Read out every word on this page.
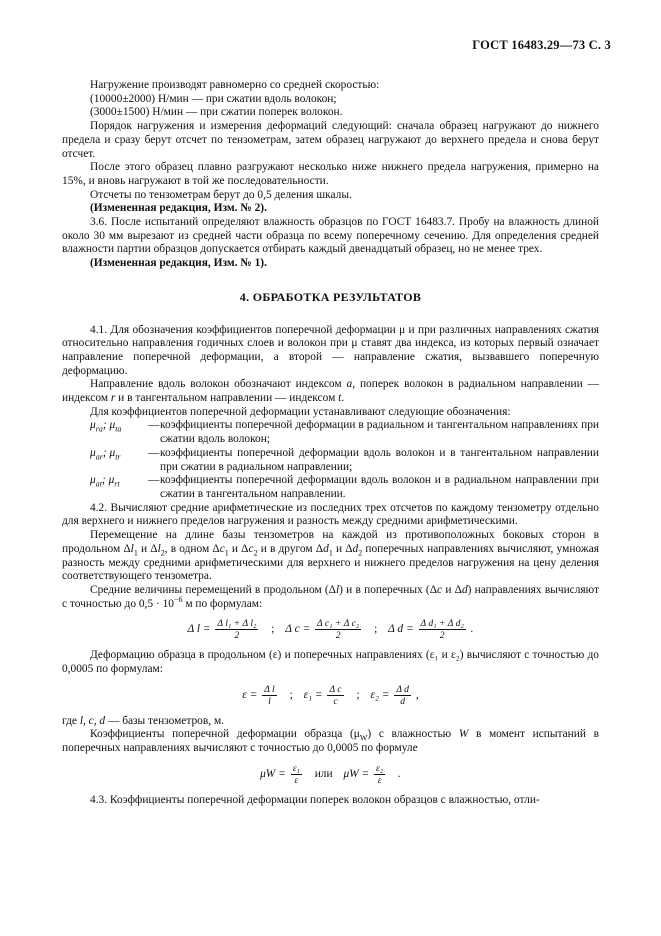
ГОСТ 16483.29—73 С. 3

Нагружение производят равномерно со средней скоростью:

(10000±2000) Н/мин — при сжатии вдоль волокон;

(3000±1500) Н/мин — при сжатии поперек волокон.

Порядок нагружения и измерения деформаций следующий: сначала образец нагружают до нижнего предела и сразу берут отсчет по тензометрам, затем образец нагружают до верхнего предела и снова берут отсчет.

После этого образец плавно разгружают несколько ниже нижнего предела нагружения, примерно на 15%, и вновь нагружают в той же последовательности.

Отсчеты по тензометрам берут до 0,5 деления шкалы.

(Измененная редакция, Изм. № 2).

3.6. После испытаний определяют влажность образцов по ГОСТ 16483.7. Пробу на влажность длиной около 30 мм вырезают из средней части образца по всему поперечному сечению. Для определения средней влажности партии образцов допускается отбирать каждый двенадцатый образец, но не менее трех.

(Измененная редакция, Изм. № 1).

4. ОБРАБОТКА РЕЗУЛЬТАТОВ

4.1. Для обозначения коэффициентов поперечной деформации μ и при различных направлениях сжатия относительно направления годичных слоев и волокон при μ ставят два индекса, из которых первый означает направление поперечной деформации, а второй — направление сжатия, вызвавшего поперечную деформацию.

Направление вдоль волокон обозначают индексом a, поперек волокон в радиальном направлении — индексом r и в тангентальном направлении — индексом t.

Для коэффициентов поперечной деформации устанавливают следующие обозначения:

$\mu_{ra}$; $\mu_{ta}$	— коэффициенты поперечной деформации в радиальном и тангентальном направлениях при сжатии вдоль волокон;
$\mu_{ar}$; $\mu_{tr}$	— коэффициенты поперечной деформации вдоль волокон и в тангентальном направлении при сжатии в радиальном направлении;
$\mu_{at}$; $\mu_{rt}$	— коэффициенты поперечной деформации вдоль волокон и в радиальном направлении при сжатии в тангентальном направлении.

4.2. Вычисляют средние арифметические из последних трех отсчетов по каждому тензометру отдельно для верхнего и нижнего пределов нагружения и разность между средними арифметическими.

Перемещение на длине базы тензометров на каждой из противоположных боковых сторон в продольном $\Delta l_1$ и $\Delta l_2$, в одном $\Delta c_1$ и $\Delta c_2$ и в другом $\Delta d_1$ и $\Delta d_2$ поперечных направлениях вычисляют, умножая разность между средними арифметическими для верхнего и нижнего пределов нагружения на цену деления соответствующего тензометра.

Средние величины перемещений в продольном (Δl) и в поперечных (Δc и Δd) направлениях вычисляют с точностью до $0,5 \cdot 10^{-6}$ м по формулам:

Δ $l = \frac{\text{Δ l₁ + Δ l₂}}{2}$ ; Δ $c = \frac{\text{Δ c₁ + Δ c₂}}{2}$ ; Δ $d = \frac{\text{Δ d₁ + Δ d₂}}{2}$ .

Деформацию образца в продольном (ε) и поперечных направлениях (ε₁ и ε₂) вычисляют с точностью до 0,0005 по формулам:

$\varepsilon = \frac{\text{Δ l}}{l}$ ; $\varepsilon_1 = \frac{\text{Δ c}}{c}$ ; $\varepsilon_2 = \frac{\text{Δ d}}{d}$ ,

где l, c, d — базы тензометров, м.

Коэффициенты поперечной деформации образца $(\mu_W)$ с влажностью W в момент испытаний в поперечных направлениях вычисляют с точностью до 0,0005 по формуле

$\mu W = \frac{\text{ε₁}}{\varepsilon}$ или $\mu W = \frac{\text{ε₂}}{\varepsilon}$ .

4.3. Коэффициенты поперечной деформации поперек волокон образцов с влажностью, отли-
